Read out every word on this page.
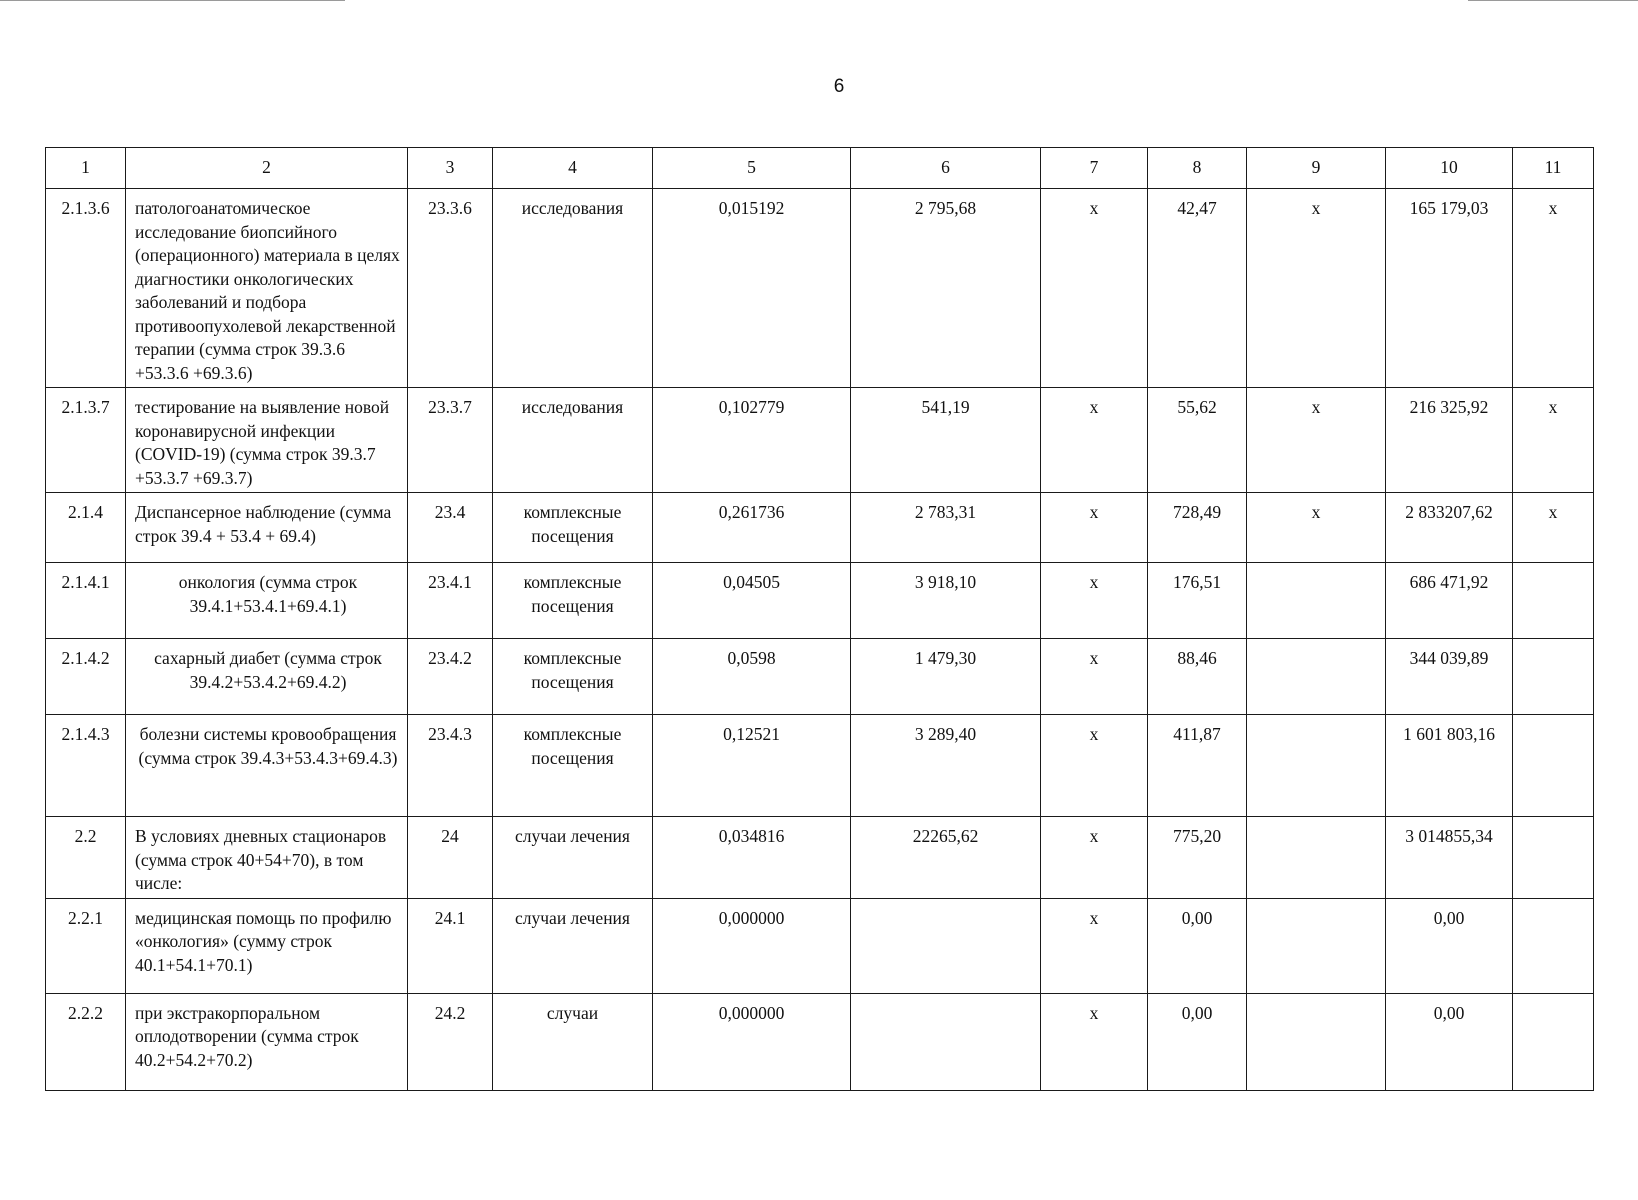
6
1	2	3	4	5	6	7	8	9	10	11
2.1.3.6	патологоанатомическое исследование биопсийного (операционного) материала в целях диагностики онкологических заболеваний и подбора противоопухолевой лекарственной терапии (сумма строк 39.3.6 +53.3.6 +69.3.6)	23.3.6	исследования	0,015192	2 795,68	х	42,47	х	165 179,03	х
2.1.3.7	тестирование на выявление новой коронавирусной инфекции (COVID-19) (сумма строк 39.3.7 +53.3.7 +69.3.7)	23.3.7	исследования	0,102779	541,19	х	55,62	х	216 325,92	х
2.1.4	Диспансерное наблюдение (сумма строк 39.4 + 53.4 + 69.4)	23.4	комплексные посещения	0,261736	2 783,31	х	728,49	х	2 833207,62	х
2.1.4.1	онкология (сумма строк 39.4.1+53.4.1+69.4.1)	23.4.1	комплексные посещения	0,04505	3 918,10	х	176,51		686 471,92	
2.1.4.2	сахарный диабет (сумма строк 39.4.2+53.4.2+69.4.2)	23.4.2	комплексные посещения	0,0598	1 479,30	х	88,46		344 039,89	
2.1.4.3	болезни системы кровообращения (сумма строк 39.4.3+53.4.3+69.4.3)	23.4.3	комплексные посещения	0,12521	3 289,40	х	411,87		1 601 803,16	
2.2	В условиях дневных стационаров (сумма строк 40+54+70), в том числе:	24	случаи лечения	0,034816	22265,62	х	775,20		3 014855,34	
2.2.1	медицинская помощь по профилю «онкология» (сумму строк 40.1+54.1+70.1)	24.1	случаи лечения	0,000000		х	0,00		0,00	
2.2.2	при экстракорпоральном оплодотворении (сумма строк 40.2+54.2+70.2)	24.2	случаи	0,000000		х	0,00		0,00	
